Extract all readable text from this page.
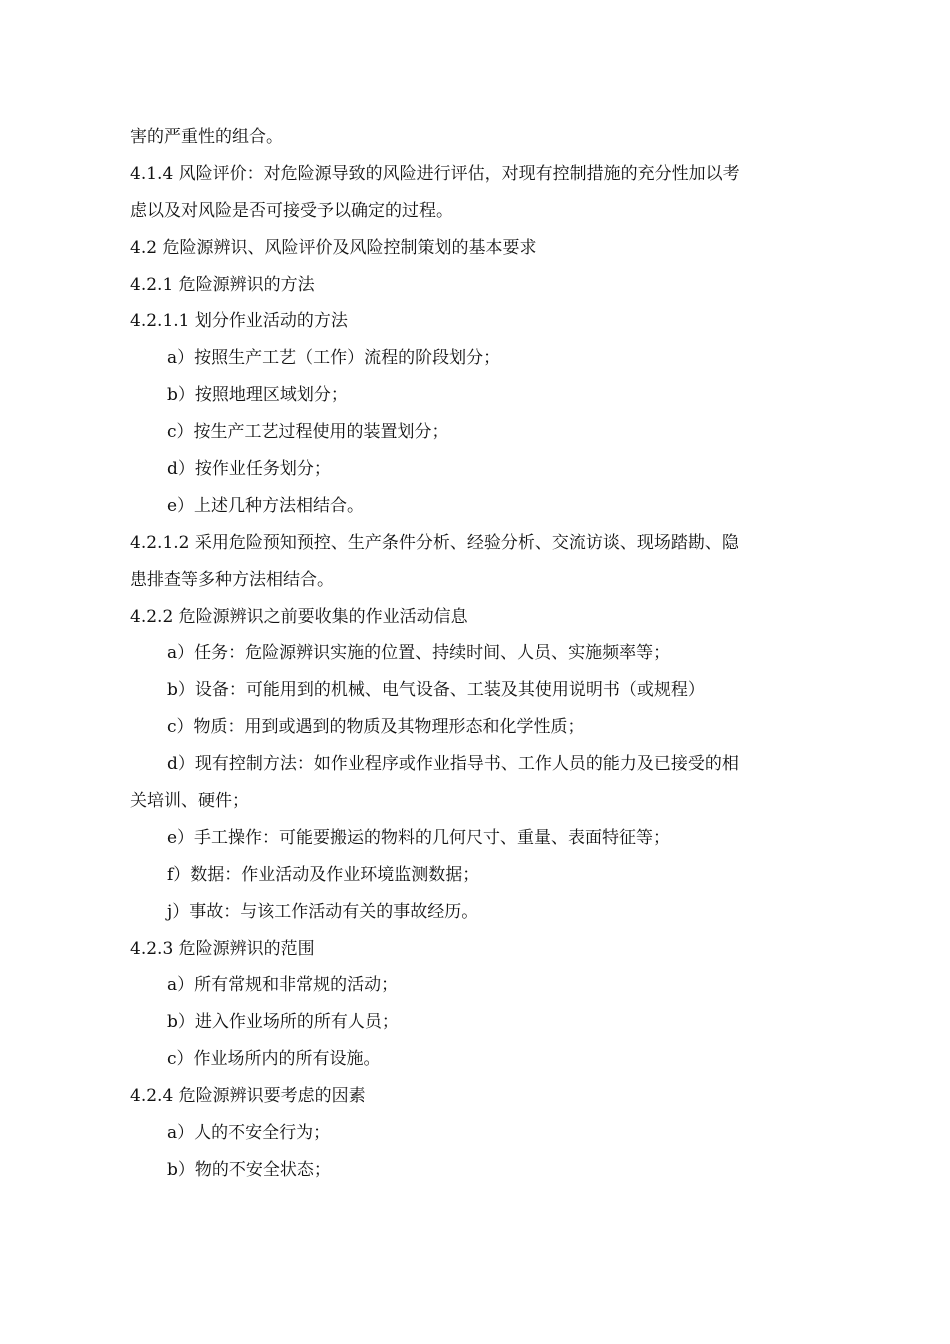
害的严重性的组合。

4.1.4 风险评价：对危险源导致的风险进行评估，对现有控制措施的充分性加以考

虑以及对风险是否可接受予以确定的过程。

4.2 危险源辨识、风险评价及风险控制策划的基本要求

4.2.1 危险源辨识的方法

4.2.1.1 划分作业活动的方法

a）按照生产工艺（工作）流程的阶段划分；

b）按照地理区域划分；

c）按生产工艺过程使用的装置划分；

d）按作业任务划分；

e）上述几种方法相结合。

4.2.1.2 采用危险预知预控、生产条件分析、经验分析、交流访谈、现场踏勘、隐

患排查等多种方法相结合。

4.2.2 危险源辨识之前要收集的作业活动信息

a）任务：危险源辨识实施的位置、持续时间、人员、实施频率等；

b）设备：可能用到的机械、电气设备、工装及其使用说明书（或规程）

c）物质：用到或遇到的物质及其物理形态和化学性质；

d）现有控制方法：如作业程序或作业指导书、工作人员的能力及已接受的相

关培训、硬件；

e）手工操作：可能要搬运的物料的几何尺寸、重量、表面特征等；

f）数据：作业活动及作业环境监测数据；

j）事故：与该工作活动有关的事故经历。

4.2.3 危险源辨识的范围

a）所有常规和非常规的活动；

b）进入作业场所的所有人员；

c）作业场所内的所有设施。

4.2.4 危险源辨识要考虑的因素

a）人的不安全行为；

b）物的不安全状态；
